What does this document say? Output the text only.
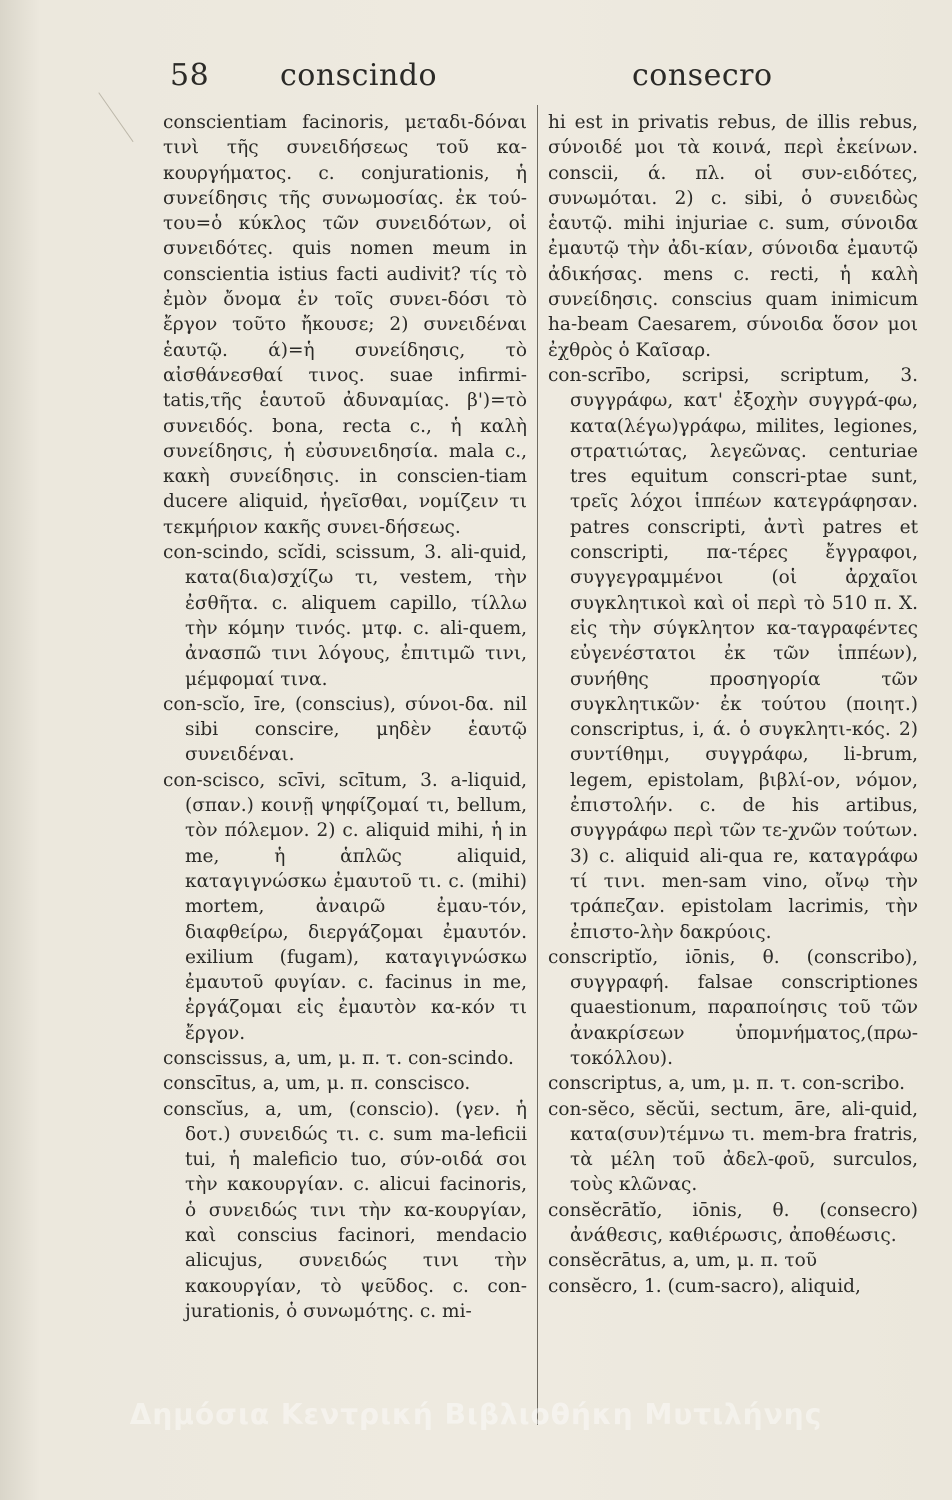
58 conscindo	consecro

conscientiam facinoris, μεταδι-δόναι τινὶ τῆς συνειδήσεως τοῦ κα-κουργήματος. c. conjurationis, ἡ συνείδησις τῆς συνωμοσίας. ἐκ τού-του=ὁ κύκλος τῶν συνειδότων, οἱ συνειδότες. quis nomen meum in conscientia istius facti audivit? τίς τὸ ἐμὸν ὄνομα ἐν τοῖς συνει-δόσι τὸ ἔργον τοῦτο ἤκουσε; 2) συνειδέναι ἑαυτῷ. ά)=ἡ συνείδησις, τὸ αἰσθάνεσθαί τινος. suae infirmi-tatis,τῆς ἑαυτοῦ ἀδυναμίας. β')=τὸ συνειδός. bona, recta c., ἡ καλὴ συνείδησις, ἡ εὐσυνειδησία. mala c., κακὴ συνείδησις. in conscien-tiam ducere aliquid, ἡγεῖσθαι, νομίζειν τι τεκμήριον κακῆς συνει-δήσεως.

con-scindo, scĭdi, scissum, 3. ali-quid, κατα(δια)σχίζω τι, vestem, τὴν ἐσθῆτα. c. aliquem capillo, τίλλω τὴν κόμην τινός. μτφ. c. ali-quem, ἀνασπῶ τινι λόγους, ἐπιτιμῶ τινι, μέμφομαί τινα.

con-scĭo, īre, (conscius), σύνοι-δα. nil sibi conscire, μηδὲν ἑαυτῷ συνειδέναι.

con-scisco, scīvi, scītum, 3. a-liquid, (σπαν.) κοινῇ ψηφίζομαί τι, bellum, τὸν πόλεμον. 2) c. aliquid mihi, ἡ in me, ἡ ἁπλῶς aliquid, καταγιγνώσκω ἐμαυτοῦ τι. c. (mihi) mortem, ἀναιρῶ ἐμαυ-τόν, διαφθείρω, διεργάζομαι ἐμαυτόν. exilium (fugam), καταγιγνώσκω ἐμαυτοῦ φυγίαν. c. facinus in me, ἐργάζομαι εἰς ἐμαυτὸν κα-κόν τι ἔργον.

conscissus, a, um, μ. π. τ. con-scindo.

conscītus, a, um, μ. π. conscisco.

conscĭus, a, um, (conscio). (γεν. ἡ δοτ.) συνειδώς τι. c. sum ma-leficii tui, ἡ maleficio tuo, σύν-οιδά σοι τὴν κακουργίαν. c. alicui facinoris, ὁ συνειδώς τινι τὴν κα-κουργίαν, καὶ conscius facinori, mendacio alicujus, συνειδώς τινι τὴν κακουργίαν, τὸ ψεῦδος. c. con-jurationis, ὁ συνωμότης. c. mi-

hi est in privatis rebus, de illis rebus, σύνοιδέ μοι τὰ κοινά, περὶ ἐκείνων. conscii, ά. πλ. οἱ συν-ειδότες, συνωμόται. 2) c. sibi, ὁ συνειδὼς ἑαυτῷ. mihi injuriae c. sum, σύνοιδα ἐμαυτῷ τὴν ἀδι-κίαν, σύνοιδα ἐμαυτῷ ἀδικήσας. mens c. recti, ἡ καλὴ συνείδησις. conscius quam inimicum ha-beam Caesarem, σύνοιδα ὅσον μοι ἐχθρὸς ὁ Καῖσαρ.

con-scrībo, scripsi, scriptum, 3. συγγράφω, κατ' ἐξοχὴν συγγρά-φω, κατα(λέγω)γράφω, milites, legiones, στρατιώτας, λεγεῶνας. centuriae tres equitum conscri-ptae sunt, τρεῖς λόχοι ἱππέων κατεγράφησαν. patres conscripti, ἀντὶ patres et conscripti, πα-τέρες ἔγγραφοι, συγγεγραμμένοι (οἱ ἀρχαῖοι συγκλητικοὶ καὶ οἱ περὶ τὸ 510 π. Χ. εἰς τὴν σύγκλητον κα-ταγραφέντες εὐγενέστατοι ἐκ τῶν ἱππέων), συνήθης προσηγορία τῶν συγκλητικῶν· ἐκ τούτου (ποιητ.) conscriptus, i, ά. ὁ συγκλητι-κός. 2) συντίθημι, συγγράφω, li-brum, legem, epistolam, βιβλί-ον, νόμον, ἐπιστολήν. c. de his artibus, συγγράφω περὶ τῶν τε-χνῶν τούτων. 3) c. aliquid ali-qua re, καταγράφω τί τινι. men-sam vino, οἴνῳ τὴν τράπεζαν. epistolam lacrimis, τὴν ἐπιστο-λὴν δακρύοις.

conscriptĭo, iōnis, θ. (conscribo), συγγραφή. falsae conscriptiones quaestionum, παραποίησις τοῦ τῶν ἀνακρίσεων ὑπομνήματος,(πρω-τοκόλλου).

conscriptus, a, um, μ. π. τ. con-scribo.

con-sĕco, sĕcŭi, sectum, āre, ali-quid, κατα(συν)τέμνω τι. mem-bra fratris, τὰ μέλη τοῦ ἀδελ-φοῦ, surculos, τοὺς κλῶνας.

consĕcrātĭo, iōnis, θ. (consecro) ἀνάθεσις, καθιέρωσις, ἀποθέωσις.

consĕcrātus, a, um, μ. π. τοῦ

consĕcro, 1. (cum-sacro), aliquid,

Δημόσια Κεντρική Βιβλιοθήκη Μυτιλήνης
